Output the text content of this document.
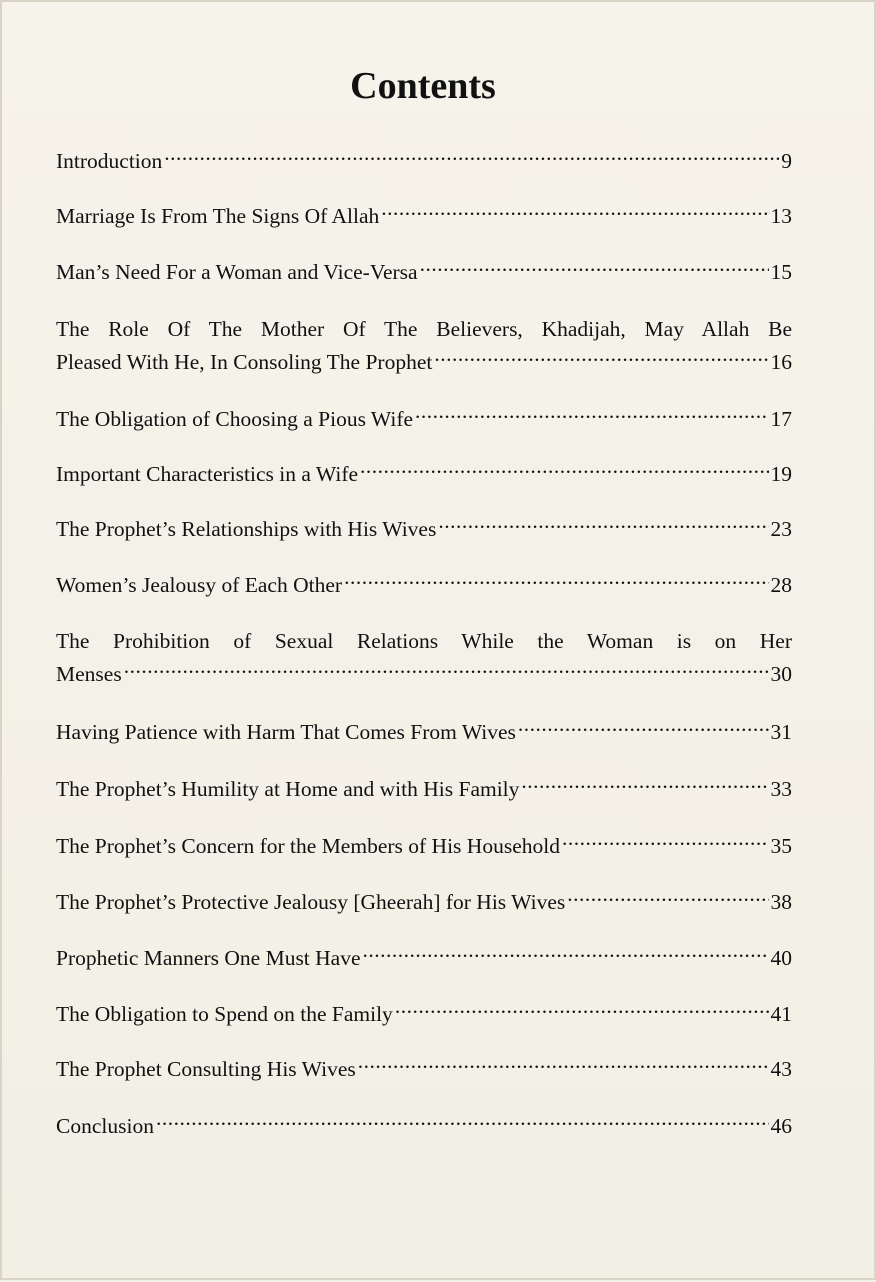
Contents
Introduction .....	9
Marriage Is From The Signs Of Allah .....	13
Man’s Need For a Woman and Vice-Versa .....	15
The Role Of The Mother Of The Believers, Khadijah, May Allah Be
Pleased With He, In Consoling The Prophet .....	16
The Obligation of Choosing a Pious Wife .....	17
Important Characteristics in a Wife .....	19
The Prophet’s Relationships with His Wives .....	23
Women’s Jealousy of Each Other .....	28
The Prohibition of Sexual Relations While the Woman is on Her
Menses .....	30
Having Patience with Harm That Comes From Wives .....	31
The Prophet’s Humility at Home and with His Family .....	33
The Prophet’s Concern for the Members of His Household .....	35
The Prophet’s Protective Jealousy [Gheerah] for His Wives .....	38
Prophetic Manners One Must Have .....	40
The Obligation to Spend on the Family .....	41
The Prophet Consulting His Wives .....	43
Conclusion .....	46
